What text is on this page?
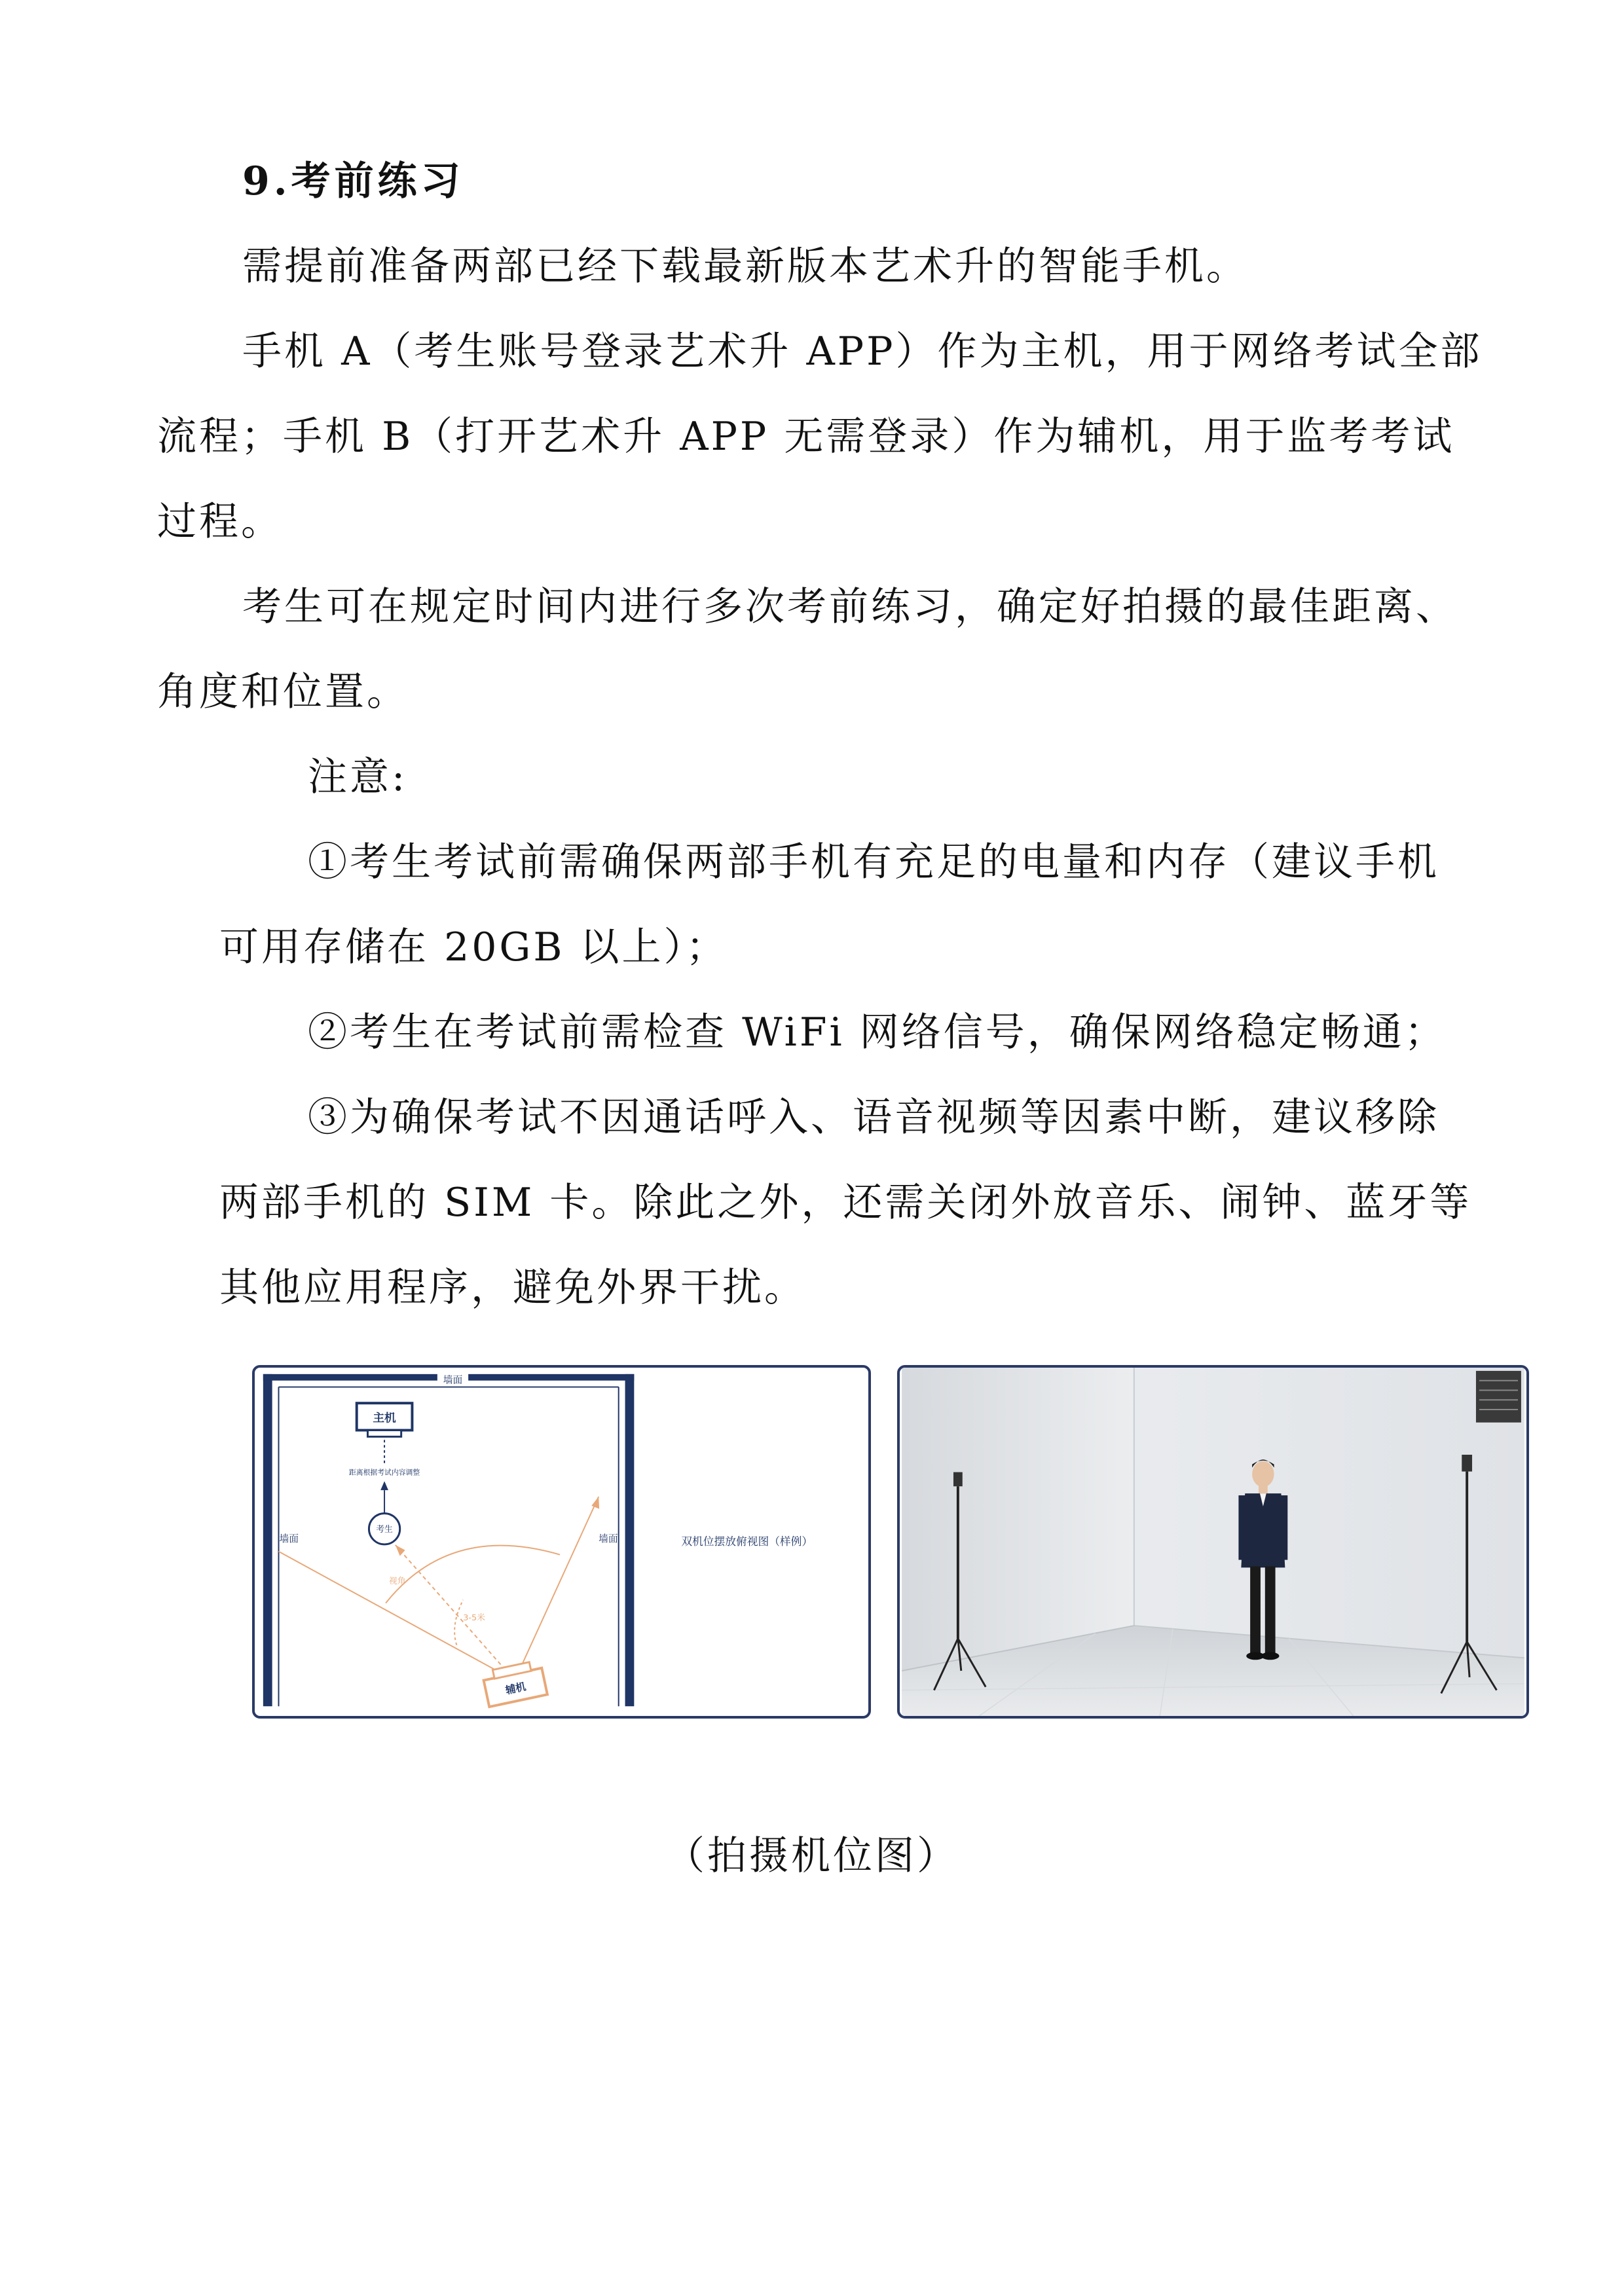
9.考前练习
需提前准备两部已经下载最新版本艺术升的智能手机。
手机 A（考生账号登录艺术升 APP）作为主机，用于网络考试全部
流程；手机 B（打开艺术升 APP 无需登录）作为辅机，用于监考考试
过程。
考生可在规定时间内进行多次考前练习，确定好拍摄的最佳距离、
角度和位置。
注意:
①考生考试前需确保两部手机有充足的电量和内存（建议手机
可用存储在 20GB 以上）；
②考生在考试前需检查 WiFi 网络信号，确保网络稳定畅通；
③为确保考试不因通话呼入、语音视频等因素中断，建议移除
两部手机的 SIM 卡。除此之外，还需关闭外放音乐、闹钟、蓝牙等
其他应用程序，避免外界干扰。
墙面
墙面	墙面
主机
距离根据考试内容调整
考生
视角
3-5米
辅机
双机位摆放俯视图（样例）
（拍摄机位图）
